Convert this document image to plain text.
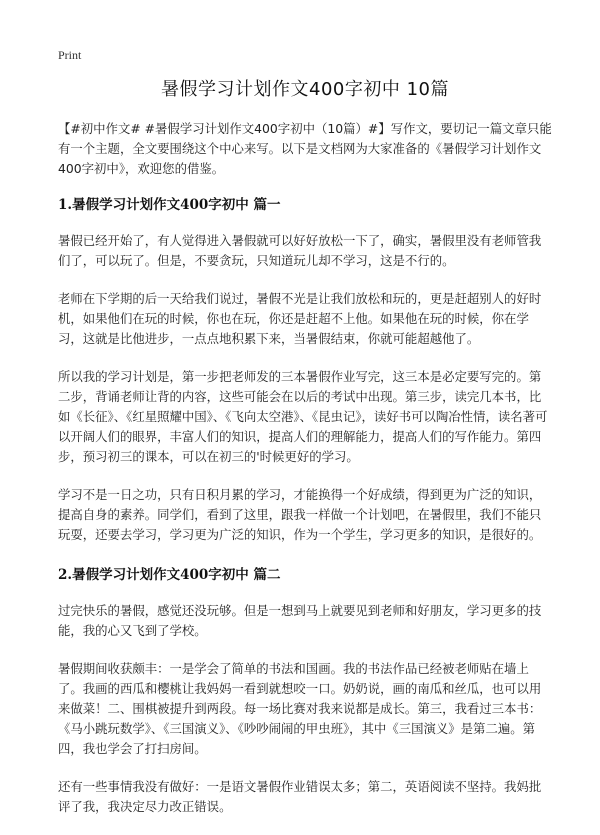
Print
暑假学习计划作文400字初中 10篇

【#初中作文# #暑假学习计划作文400字初中（10篇）#】写作文，要切记一篇文章只能有一个主题，全文要围绕这个中心来写。以下是文档网为大家准备的《暑假学习计划作文400字初中》，欢迎您的借鉴。

1.暑假学习计划作文400字初中 篇一

暑假已经开始了，有人觉得进入暑假就可以好好放松一下了，确实，暑假里没有老师管我们了，可以玩了。但是，不要贪玩，只知道玩儿却不学习，这是不行的。

老师在下学期的后一天给我们说过，暑假不光是让我们放松和玩的，更是赶超别人的好时机，如果他们在玩的时候，你也在玩，你还是赶超不上他。如果他在玩的时候，你在学习，这就是比他进步，一点点地积累下来，当暑假结束，你就可能超越他了。

所以我的学习计划是，第一步把老师发的三本暑假作业写完，这三本是必定要写完的。第二步，背诵老师让背的内容，这些可能会在以后的考试中出现。第三步，读完几本书，比如《长征》、《红星照耀中国》、《飞向太空港》、《昆虫记》，读好书可以陶冶性情，读名著可以开阔人们的眼界，丰富人们的知识，提高人们的理解能力，提高人们的写作能力。第四步，预习初三的课本，可以在初三的'时候更好的学习。

学习不是一日之功，只有日积月累的学习，才能换得一个好成绩，得到更为广泛的知识，提高自身的素养。同学们，看到了这里，跟我一样做一个计划吧，在暑假里，我们不能只玩耍，还要去学习，学习更为广泛的知识，作为一个学生，学习更多的知识，是很好的。

2.暑假学习计划作文400字初中 篇二

过完快乐的暑假，感觉还没玩够。但是一想到马上就要见到老师和好朋友，学习更多的技能，我的心又飞到了学校。

暑假期间收获颇丰：一是学会了简单的书法和国画。我的书法作品已经被老师贴在墙上了。我画的西瓜和樱桃让我妈妈一看到就想咬一口。奶奶说，画的南瓜和丝瓜，也可以用来做菜！二、围棋被提升到两段。每一场比赛对我来说都是成长。第三，我看过三本书：《马小跳玩数学》、《三国演义》、《吵吵闹闹的甲虫班》，其中《三国演义》是第二遍。第四，我也学会了打扫房间。

还有一些事情我没有做好：一是语文暑假作业错误太多；第二，英语阅读不坚持。我妈批评了我，我决定尽力改正错误。
